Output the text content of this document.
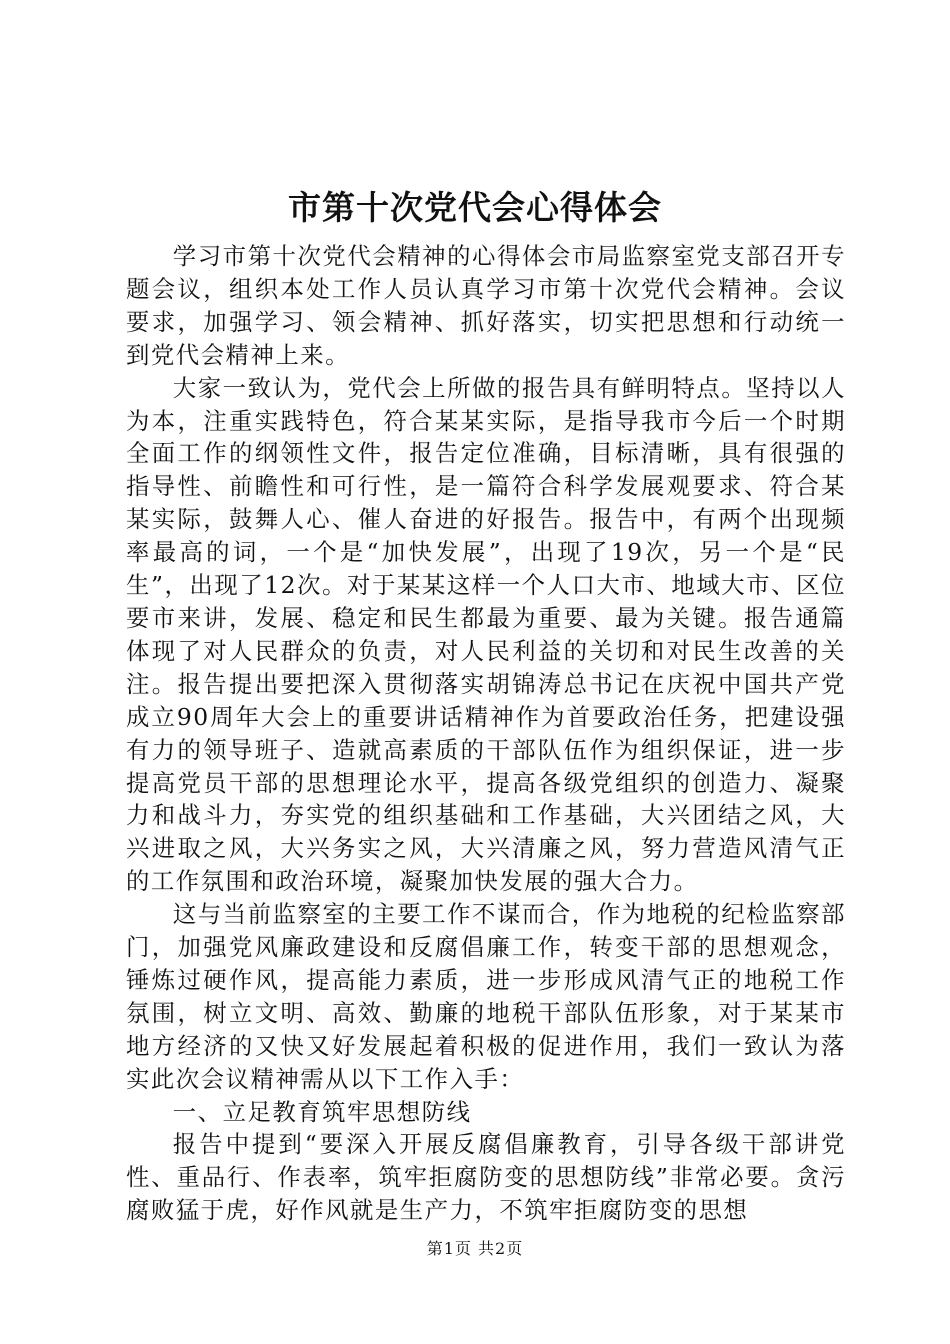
市第十次党代会心得体会

学习市第十次党代会精神的心得体会市局监察室党支部召开专题会议，组织本处工作人员认真学习市第十次党代会精神。会议要求，加强学习、领会精神、抓好落实，切实把思想和行动统一到党代会精神上来。

大家一致认为，党代会上所做的报告具有鲜明特点。坚持以人为本，注重实践特色，符合某某实际，是指导我市今后一个时期全面工作的纲领性文件，报告定位准确，目标清晰，具有很强的指导性、前瞻性和可行性，是一篇符合科学发展观要求、符合某某实际，鼓舞人心、催人奋进的好报告。报告中，有两个出现频率最高的词，一个是“加快发展”，出现了19次，另一个是“民生”，出现了12次。对于某某这样一个人口大市、地域大市、区位要市来讲，发展、稳定和民生都最为重要、最为关键。报告通篇体现了对人民群众的负责，对人民利益的关切和对民生改善的关注。报告提出要把深入贯彻落实胡锦涛总书记在庆祝中国共产党成立90周年大会上的重要讲话精神作为首要政治任务，把建设强有力的领导班子、造就高素质的干部队伍作为组织保证，进一步提高党员干部的思想理论水平，提高各级党组织的创造力、凝聚力和战斗力，夯实党的组织基础和工作基础，大兴团结之风，大兴进取之风，大兴务实之风，大兴清廉之风，努力营造风清气正的工作氛围和政治环境，凝聚加快发展的强大合力。

这与当前监察室的主要工作不谋而合，作为地税的纪检监察部门，加强党风廉政建设和反腐倡廉工作，转变干部的思想观念，锤炼过硬作风，提高能力素质，进一步形成风清气正的地税工作氛围，树立文明、高效、勤廉的地税干部队伍形象，对于某某市地方经济的又快又好发展起着积极的促进作用，我们一致认为落实此次会议精神需从以下工作入手：

一、立足教育筑牢思想防线

报告中提到“要深入开展反腐倡廉教育，引导各级干部讲党性、重品行、作表率，筑牢拒腐防变的思想防线”非常必要。贪污腐败猛于虎，好作风就是生产力，不筑牢拒腐防变的思想

第1页 共2页
